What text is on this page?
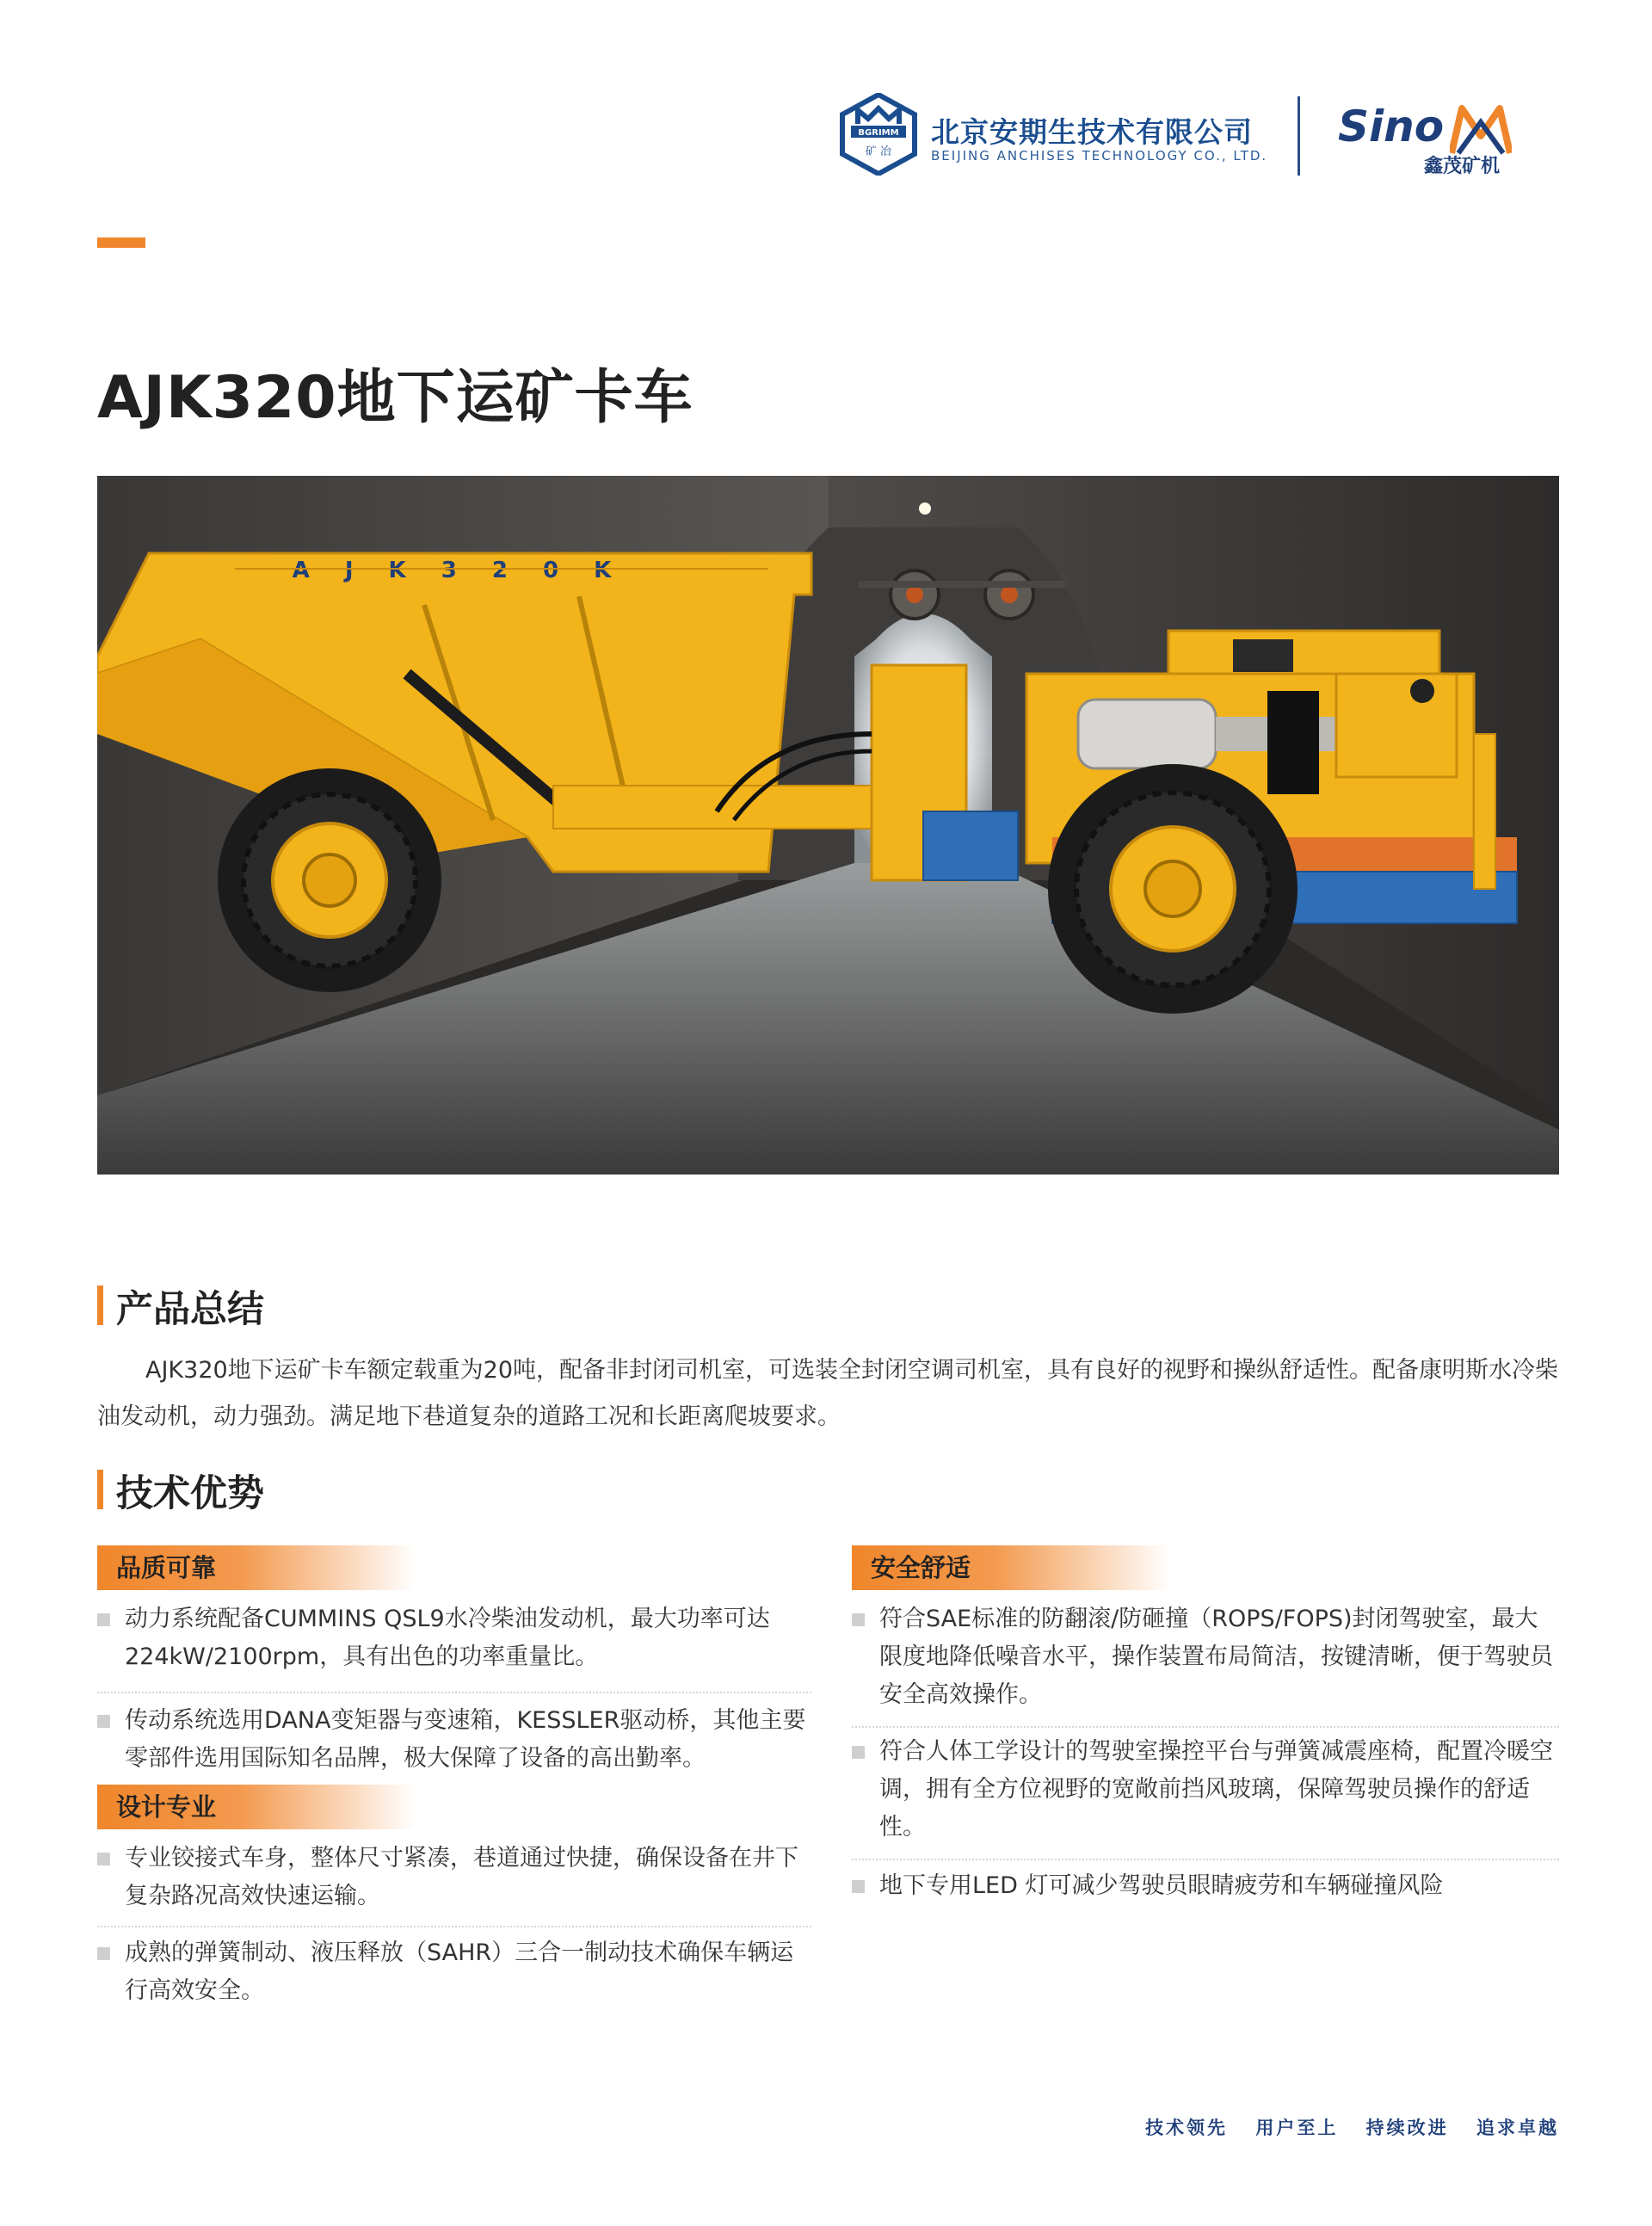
BGRIMM
矿 冶
北京安期生技术有限公司
BEIJING ANCHISES TECHNOLOGY CO., LTD.
Sino
鑫茂矿机
AJK320地下运矿卡车
A J K 3 2 0 K
产品总结
AJK320地下运矿卡车额定载重为20吨，配备非封闭司机室，可选装全封闭空调司机室，具有良好的视野和操纵舒适性。配备康明斯水冷柴油发动机，动力强劲。满足地下巷道复杂的道路工况和长距离爬坡要求。
技术优势
品质可靠
动力系统配备CUMMINS QSL9水冷柴油发动机，最大功率可达224kW/2100rpm，具有出色的功率重量比。
传动系统选用DANA变矩器与变速箱，KESSLER驱动桥，其他主要零部件选用国际知名品牌，极大保障了设备的高出勤率。
设计专业
专业铰接式车身，整体尺寸紧凑，巷道通过快捷，确保设备在井下复杂路况高效快速运输。
成熟的弹簧制动、液压释放（SAHR）三合一制动技术确保车辆运行高效安全。
安全舒适
符合SAE标准的防翻滚/防砸撞（ROPS/FOPS)封闭驾驶室，最大限度地降低噪音水平，操作装置布局简洁，按键清晰，便于驾驶员安全高效操作。
符合人体工学设计的驾驶室操控平台与弹簧减震座椅，配置冷暖空调，拥有全方位视野的宽敞前挡风玻璃，保障驾驶员操作的舒适性。
地下专用LED 灯可减少驾驶员眼睛疲劳和车辆碰撞风险
技术领先 用户至上 持续改进 追求卓越
